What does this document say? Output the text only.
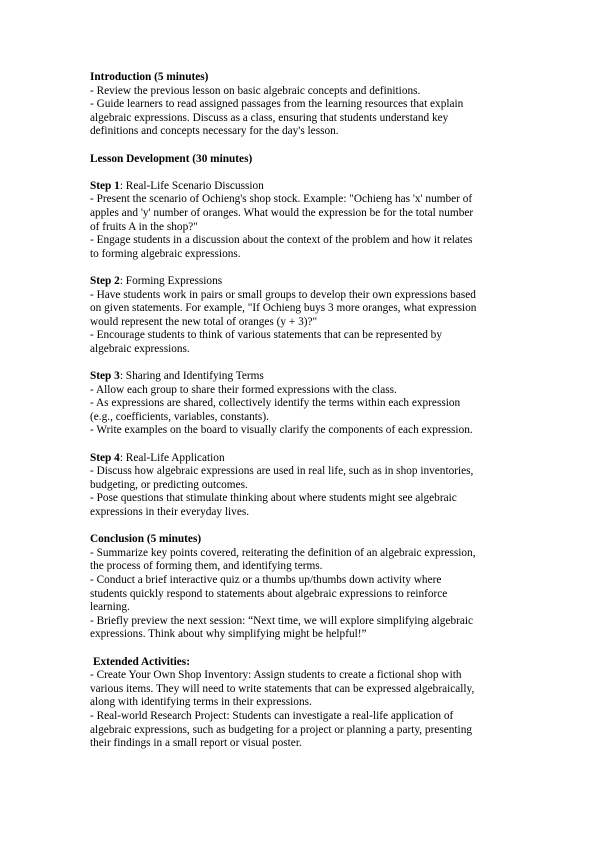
Introduction (5 minutes)
- Review the previous lesson on basic algebraic concepts and definitions.
- Guide learners to read assigned passages from the learning resources that explain
algebraic expressions. Discuss as a class, ensuring that students understand key
definitions and concepts necessary for the day's lesson.
Lesson Development (30 minutes)
Step 1: Real-Life Scenario Discussion
- Present the scenario of Ochieng's shop stock. Example: "Ochieng has 'x' number of
apples and 'y' number of oranges. What would the expression be for the total number
of fruits A in the shop?"
- Engage students in a discussion about the context of the problem and how it relates
to forming algebraic expressions.
Step 2: Forming Expressions
- Have students work in pairs or small groups to develop their own expressions based
on given statements. For example, "If Ochieng buys 3 more oranges, what expression
would represent the new total of oranges (y + 3)?"
- Encourage students to think of various statements that can be represented by
algebraic expressions.
Step 3: Sharing and Identifying Terms
- Allow each group to share their formed expressions with the class.
- As expressions are shared, collectively identify the terms within each expression
(e.g., coefficients, variables, constants).
- Write examples on the board to visually clarify the components of each expression.
Step 4: Real-Life Application
- Discuss how algebraic expressions are used in real life, such as in shop inventories,
budgeting, or predicting outcomes.
- Pose questions that stimulate thinking about where students might see algebraic
expressions in their everyday lives.
Conclusion (5 minutes)
- Summarize key points covered, reiterating the definition of an algebraic expression,
the process of forming them, and identifying terms.
- Conduct a brief interactive quiz or a thumbs up/thumbs down activity where
students quickly respond to statements about algebraic expressions to reinforce
learning.
- Briefly preview the next session: “Next time, we will explore simplifying algebraic
expressions. Think about why simplifying might be helpful!”
Extended Activities:
- Create Your Own Shop Inventory: Assign students to create a fictional shop with
various items. They will need to write statements that can be expressed algebraically,
along with identifying terms in their expressions.
- Real-world Research Project: Students can investigate a real-life application of
algebraic expressions, such as budgeting for a project or planning a party, presenting
their findings in a small report or visual poster.
